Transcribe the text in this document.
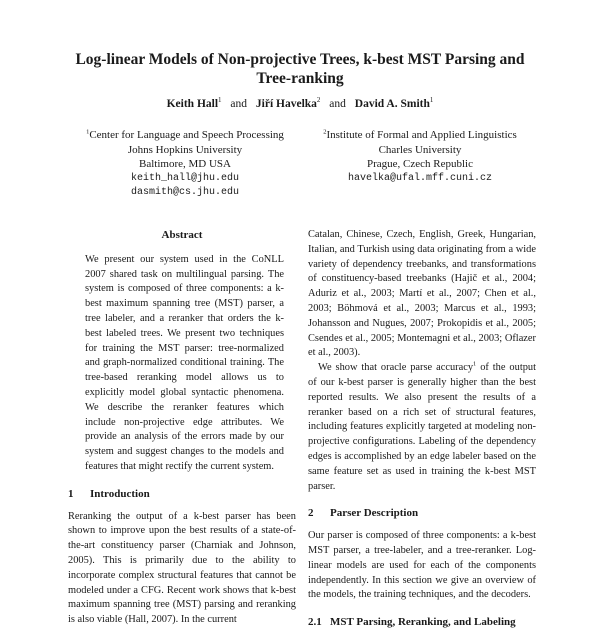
Log-linear Models of Non-projective Trees, k-best MST Parsing and Tree-ranking
Keith Hall$^1$ and Jiří Havelka$^2$ and David A. Smith$^1$
$^1$Center for Language and Speech Processing
Johns Hopkins University
Baltimore, MD USA
keith_hall@jhu.edu
dasmith@cs.jhu.edu
$^2$Institute of Formal and Applied Linguistics
Charles University
Prague, Czech Republic
havelka@ufal.mff.cuni.cz
Abstract

We present our system used in the CoNLL 2007 shared task on multilingual parsing. The system is composed of three components: a k-best maximum spanning tree (MST) parser, a tree labeler, and a reranker that orders the k-best labeled trees. We present two techniques for training the MST parser: tree-normalized and graph-normalized conditional training. The tree-based reranking model allows us to explicitly model global syntactic phenomena. We describe the reranker features which include non-projective edge attributes. We provide an analysis of the errors made by our system and suggest changes to the models and features that might rectify the current system.

1 Introduction

Reranking the output of a k-best parser has been shown to improve upon the best results of a state-of-the-art constituency parser (Charniak and Johnson, 2005). This is primarily due to the ability to incorporate complex structural features that cannot be modeled under a CFG. Recent work shows that k-best maximum spanning tree (MST) parsing and reranking is also viable (Hall, 2007). In the current

Catalan, Chinese, Czech, English, Greek, Hungarian, Italian, and Turkish using data originating from a wide variety of dependency treebanks, and transformations of constituency-based treebanks (Hajič et al., 2004; Aduriz et al., 2003; Martí et al., 2007; Chen et al., 2003; Böhmová et al., 2003; Marcus et al., 1993; Johansson and Nugues, 2007; Prokopidis et al., 2005; Csendes et al., 2005; Montemagni et al., 2003; Oflazer et al., 2003).

We show that oracle parse accuracy$^1$ of the output of our k-best parser is generally higher than the best reported results. We also present the results of a reranker based on a rich set of structural features, including features explicitly targeted at modeling non-projective configurations. Labeling of the dependency edges is accomplished by an edge labeler based on the same feature set as used in training the k-best MST parser.

2 Parser Description

Our parser is composed of three components: a k-best MST parser, a tree-labeler, and a tree-reranker. Log-linear models are used for each of the components independently. In this section we give an overview of the models, the training techniques, and the decoders.

2.1 MST Parsing, Reranking, and Labeling
